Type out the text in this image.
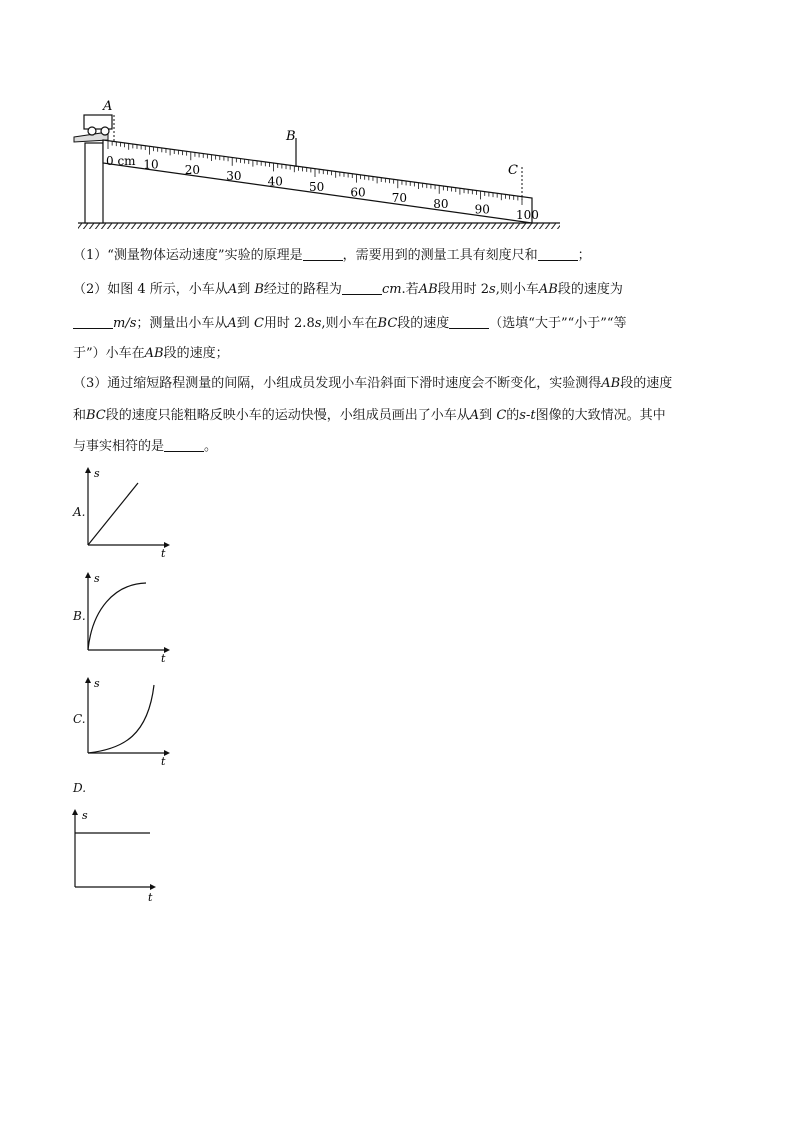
A
B
C
0 cm 10 20 30 40 50 60 70 80 90 100
（1）“测量物体运动速度”实验的原理是	，需要用到的测量工具有刻度尺和	；
（2）如图 4 所示，小车从A到 B经过的路程为	cm.若AB段用时 2s,则小车AB段的速度为
m/s；测量出小车从A到 C用时 2.8s,则小车在BC段的速度	（选填“大于”“小于”“等
于”）小车在AB段的速度；
（3）通过缩短路程测量的间隔，小组成员发现小车沿斜面下滑时速度会不断变化，实验测得AB段的速度
和BC段的速度只能粗略反映小车的运动快慢，小组成员画出了小车从A到 C的s-t图像的大致情况。其中
与事实相符的是	。
A.
s
t
B.
s
t
C.
s
t
D.
s
t
